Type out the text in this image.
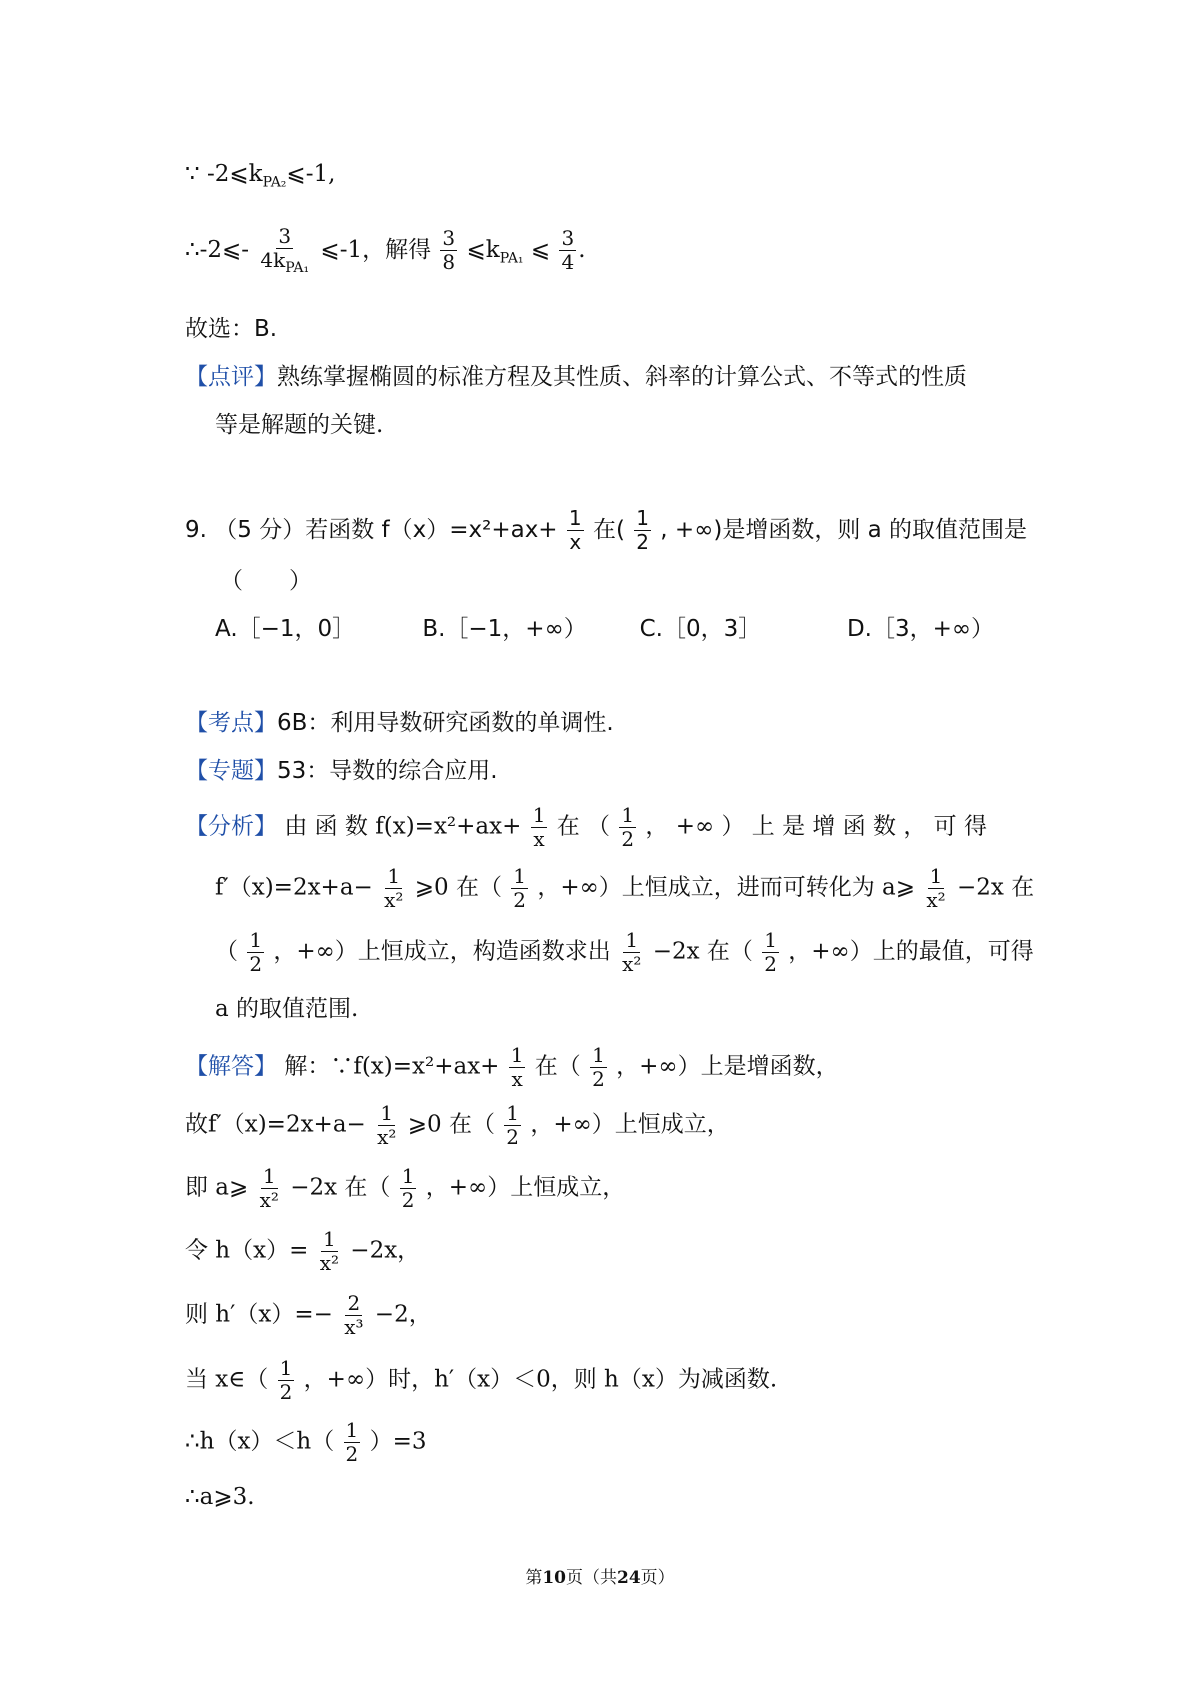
∵ $-2⩽k_{PA_2}⩽-1$,
∴-2⩽- $\frac{3}{4k_{PA_1}}$ ⩽-1，解得 $\frac{3}{8}$ $⩽k_{PA_1}$ ⩽ $\frac{3}{4}$ .
故选：B.
【点评】熟练掌握椭圆的标准方程及其性质、斜率的计算公式、不等式的性质
等是解题的关键.
9. （5 分）若函数 $f(x)=x^2+ax+ \frac{1}{x}$ 在( $\frac{1}{2}$ , +∞)是增函数，则 a 的取值范围是
（　　）
A.［−1，0］	B.［−1，+∞） C.［0，3］	D.［3，+∞）
【考点】6B：利用导数研究函数的单调性.
【专题】53：导数的综合应用.
【分析】 由 函 数 $f(x)=x^2+ax+ \frac{1}{x}$ 在 （ $\frac{1}{2}$ ， +∞ ） 上 是 增 函 数 ， 可 得
$f'(x)=2x+a- \frac{1}{\text{x²}}$ ⩾0 在（ $\frac{1}{2}$ ，+∞）上恒成立，进而可转化为 a⩾ $\frac{1}{\text{x²}} -2x$ 在
（ $\frac{1}{2}$ ，+∞）上恒成立，构造函数求出 $\frac{1}{\text{x²}} -2x$ 在（ $\frac{1}{2}$ ，+∞）上的最值，可得
a 的取值范围.
【解答】 解：∵f(x)=x²+ax+ $\frac{1}{x}$ 在（ $\frac{1}{2}$ ，+∞）上是增函数，
故$f'(x)=2x+a- \frac{1}{\text{x²}}$ ⩾0 在（ $\frac{1}{2}$ ，+∞）上恒成立，
即 a⩾ $\frac{1}{\text{x²}} -2x$ 在（ $\frac{1}{2}$ ，+∞）上恒成立，
令 $h(x)= \frac{1}{\text{x²}} -2x$，
则 $h'(x)=- \frac{2}{\text{x³}} -2$，
当 x∈（ $\frac{1}{2}$ ，+∞）时，h′（x）＜0，则 h（x）为减函数.
∴h（x）＜h（ $\frac{1}{2} )=3$
∴a⩾3.
第10页（共24页）
